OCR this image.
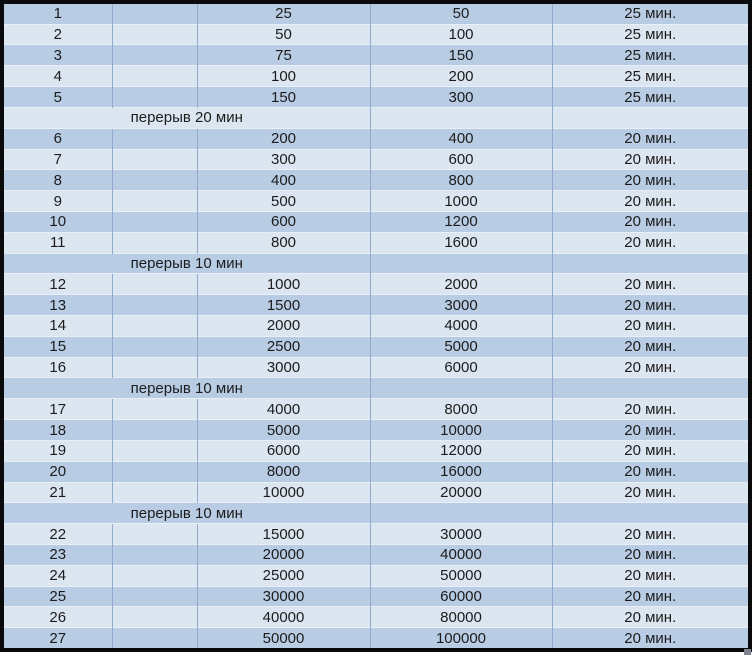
1		25	50	25 мин.
2		50	100	25 мин.
3		75	150	25 мин.
4		100	200	25 мин.
5		150	300	25 мин.
перерыв 20 мин				
6		200	400	20 мин.
7		300	600	20 мин.
8		400	800	20 мин.
9		500	1000	20 мин.
10		600	1200	20 мин.
11		800	1600	20 мин.
перерыв 10 мин				
12		1000	2000	20 мин.
13		1500	3000	20 мин.
14		2000	4000	20 мин.
15		2500	5000	20 мин.
16		3000	6000	20 мин.
перерыв 10 мин				
17		4000	8000	20 мин.
18		5000	10000	20 мин.
19		6000	12000	20 мин.
20		8000	16000	20 мин.
21		10000	20000	20 мин.
перерыв 10 мин				
22		15000	30000	20 мин.
23		20000	40000	20 мин.
24		25000	50000	20 мин.
25		30000	60000	20 мин.
26		40000	80000	20 мин.
27		50000	100000	20 мин.
